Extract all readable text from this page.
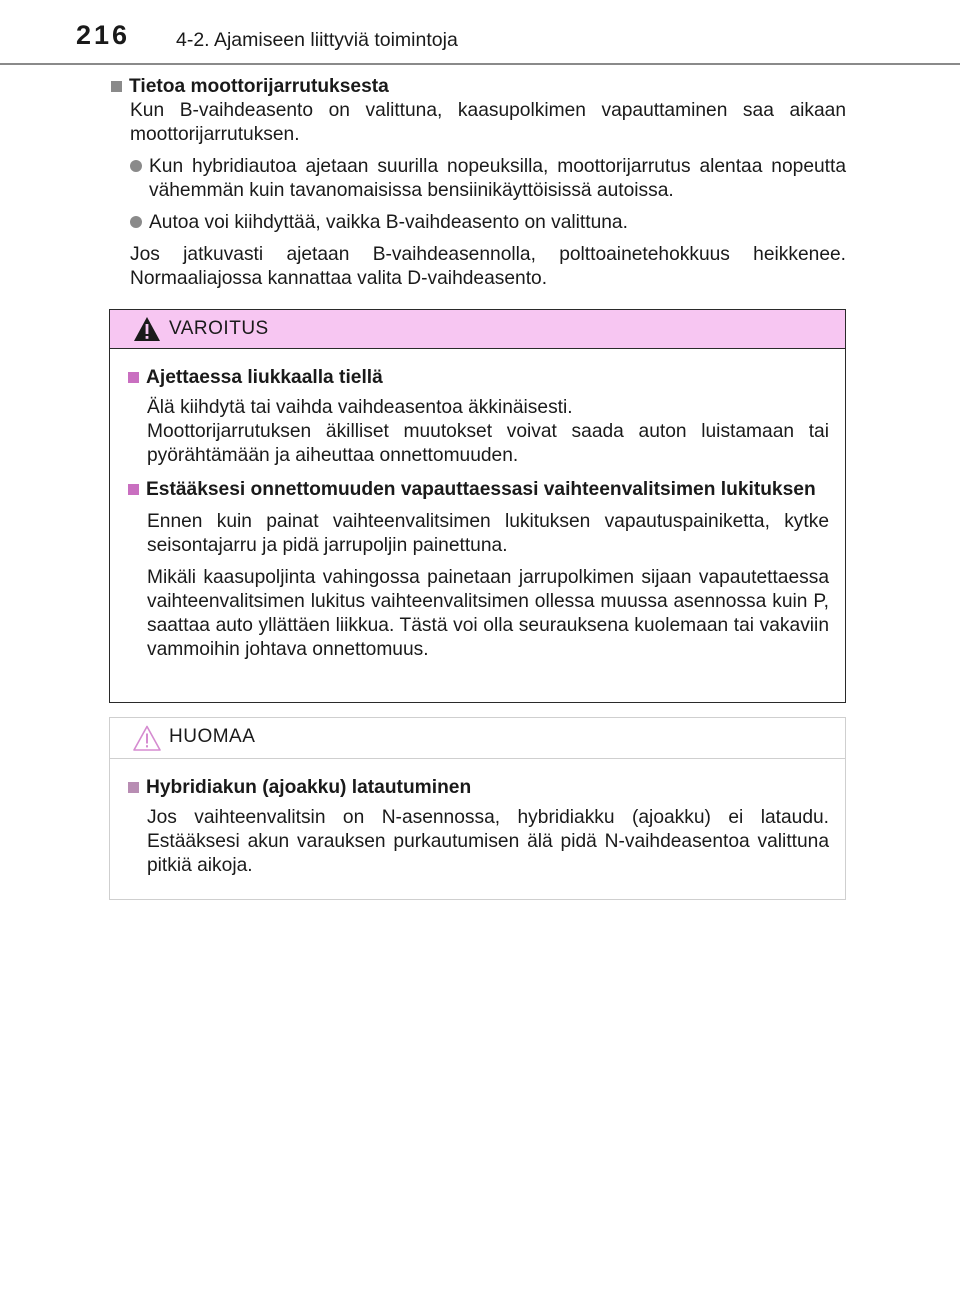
216 4-2. Ajamiseen liittyviä toimintoja
Tietoa moottorijarrutuksesta
Kun B-vaihdeasento on valittuna, kaasupolkimen vapauttaminen saa aikaan moottorijarrutuksen.
Kun hybridiautoa ajetaan suurilla nopeuksilla, moottorijarrutus alentaa nopeutta vähemmän kuin tavanomaisissa bensiinikäyttöisissä autoissa.
Autoa voi kiihdyttää, vaikka B-vaihdeasento on valittuna.
Jos jatkuvasti ajetaan B-vaihdeasennolla, polttoainetehokkuus heikkenee. Normaaliajossa kannattaa valita D-vaihdeasento.
VAROITUS
Ajettaessa liukkaalla tiellä
Älä kiihdytä tai vaihda vaihdeasentoa äkkinäisesti.
Moottorijarrutuksen äkilliset muutokset voivat saada auton luistamaan tai pyörähtämään ja aiheuttaa onnettomuuden.
Estääksesi onnettomuuden vapauttaessasi vaihteenvalitsimen lukituksen
Ennen kuin painat vaihteenvalitsimen lukituksen vapautuspainiketta, kytke seisontajarru ja pidä jarrupoljin painettuna.
Mikäli kaasupoljinta vahingossa painetaan jarrupolkimen sijaan vapautettaessa vaihteenvalitsimen lukitus vaihteenvalitsimen ollessa muussa asennossa kuin P, saattaa auto yllättäen liikkua. Tästä voi olla seurauksena kuolemaan tai vakaviin vammoihin johtava onnettomuus.
HUOMAA
Hybridiakun (ajoakku) latautuminen
Jos vaihteenvalitsin on N-asennossa, hybridiakku (ajoakku) ei lataudu. Estääksesi akun varauksen purkautumisen älä pidä N-vaihdeasentoa valittuna pitkiä aikoja.
